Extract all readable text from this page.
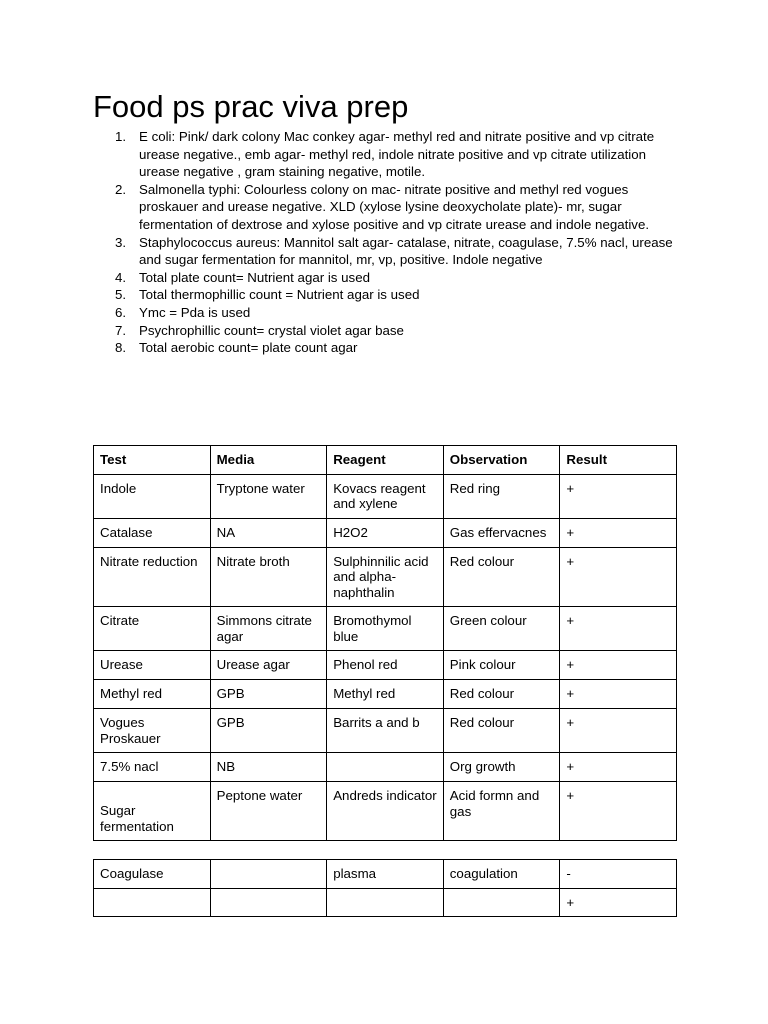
Food ps prac viva prep
1. E coli: Pink/ dark colony Mac conkey agar- methyl red and nitrate positive and vp citrate urease negative., emb agar- methyl red, indole nitrate positive and vp citrate utilization urease negative , gram staining negative, motile.
2. Salmonella typhi: Colourless colony on mac- nitrate positive and methyl red vogues proskauer and urease negative. XLD (xylose lysine deoxycholate plate)- mr, sugar fermentation of dextrose and xylose positive and vp citrate urease and indole negative.
3. Staphylococcus aureus: Mannitol salt agar- catalase, nitrate, coagulase, 7.5% nacl, urease and sugar fermentation for mannitol, mr, vp, positive. Indole negative
4. Total plate count= Nutrient agar is used
5. Total thermophillic count = Nutrient agar is used
6. Ymc = Pda is used
7. Psychrophillic count= crystal violet agar base
8. Total aerobic count= plate count agar
Test	Media	Reagent	Observation	Result
Indole	Tryptone water	Kovacs reagent and xylene	Red ring	+
Catalase	NA	H2O2	Gas effervacnes	+
Nitrate reduction	Nitrate broth	Sulphinnilic acid and alpha-naphthalin	Red colour	+
Citrate	Simmons citrate agar	Bromothymol blue	Green colour	+
Urease	Urease agar	Phenol red	Pink colour	+
Methyl red	GPB	Methyl red	Red colour	+
Vogues Proskauer	GPB	Barrits a and b	Red colour	+
7.5% nacl	NB		Org growth	+
Sugar fermentation	Peptone water	Andreds indicator	Acid formn and gas	+
Coagulase		plasma	coagulation	-
				+
